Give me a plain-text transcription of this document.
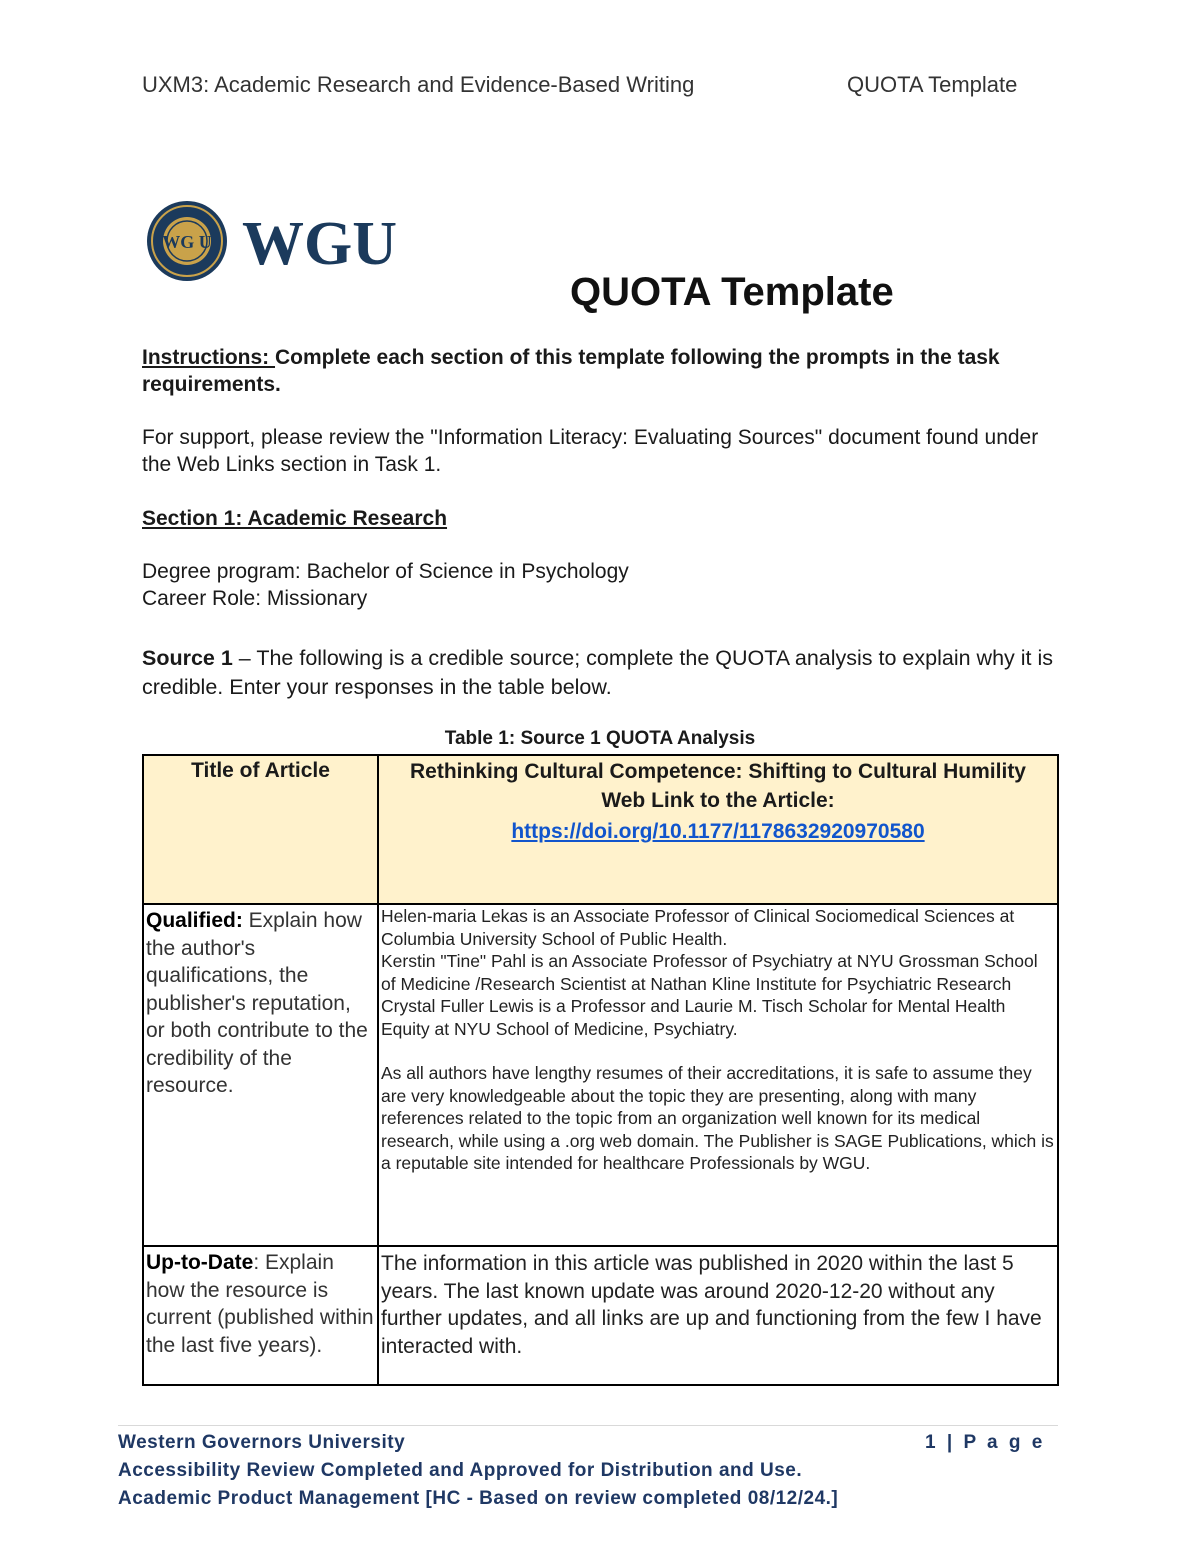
UXM3: Academic Research and Evidence-Based Writing	QUOTA Template
WG U WGU
QUOTA Template
Instructions: Complete each section of this template following the prompts in the task requirements.
For support, please review the "Information Literacy: Evaluating Sources" document found under the Web Links section in Task 1.
Section 1: Academic Research
Degree program: Bachelor of Science in Psychology
Career Role: Missionary
Source 1 – The following is a credible source; complete the QUOTA analysis to explain why it is credible. Enter your responses in the table below.
Table 1: Source 1 QUOTA Analysis
Title of Article	Rethinking Cultural Competence: Shifting to Cultural Humility
Web Link to the Article:
https://doi.org/10.1177/1178632920970580

Qualified: Explain how the author's qualifications, the publisher's reputation, or both contribute to the credibility of the resource.	Helen-maria Lekas is an Associate Professor of Clinical Sociomedical Sciences at Columbia University School of Public Health.

Kerstin "Tine" Pahl is an Associate Professor of Psychiatry at NYU Grossman School of Medicine /Research Scientist at Nathan Kline Institute for Psychiatric Research

Crystal Fuller Lewis is a Professor and Laurie M. Tisch Scholar for Mental Health Equity at NYU School of Medicine, Psychiatry.

As all authors have lengthy resumes of their accreditations, it is safe to assume they are very knowledgeable about the topic they are presenting, along with many references related to the topic from an organization well known for its medical research, while using a .org web domain. The Publisher is SAGE Publications, which is a reputable site intended for healthcare Professionals by WGU.

Up-to-Date: Explain how the resource is current (published within the last five years).	The information in this article was published in 2020 within the last 5 years. The last known update was around 2020-12-20 without any further updates, and all links are up and functioning from the few I have interacted with.
Western Governors University	1 | P a g e
Accessibility Review Completed and Approved for Distribution and Use.
Academic Product Management [HC - Based on review completed 08/12/24.]
